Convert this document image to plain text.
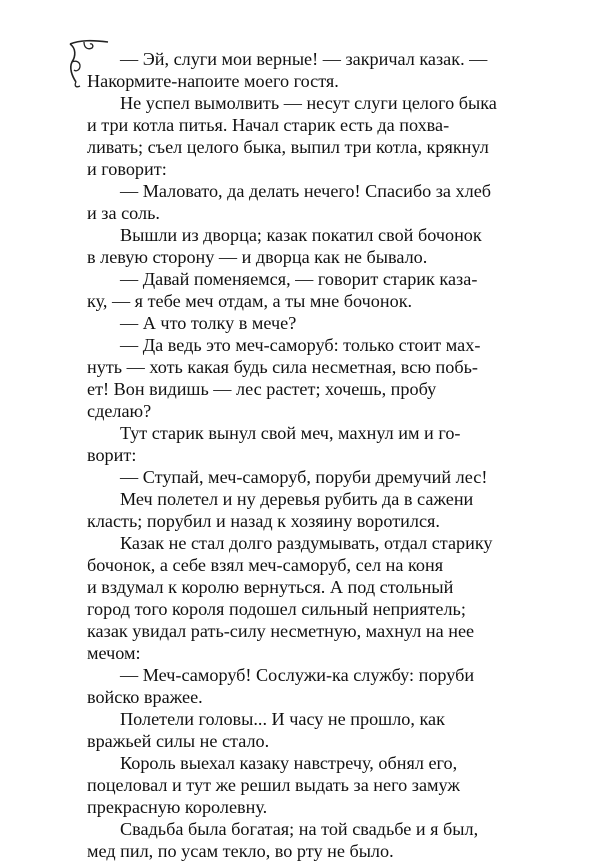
— Эй, слуги мои верные! — закричал казак. —
Накормите-напоите моего гостя.
Не успел вымолвить — несут слуги целого быка
и три котла питья. Начал старик есть да похва-
ливать; съел целого быка, выпил три котла, крякнул
и говорит:
— Маловато, да делать нечего! Спасибо за хлеб
и за соль.
Вышли из дворца; казак покатил свой бочонок
в левую сторону — и дворца как не бывало.
— Давай поменяемся, — говорит старик каза-
ку, — я тебе меч отдам, а ты мне бочонок.
— А что толку в мече?
— Да ведь это меч-саморуб: только стоит мах-
нуть — хоть какая будь сила несметная, всю побь-
ет! Вон видишь — лес растет; хочешь, пробу
сделаю?
Тут старик вынул свой меч, махнул им и го-
ворит:
— Ступай, меч-саморуб, поруби дремучий лес!
Меч полетел и ну деревья рубить да в сажени
класть; порубил и назад к хозяину воротился.
Казак не стал долго раздумывать, отдал старику
бочонок, а себе взял меч-саморуб, сел на коня
и вздумал к королю вернуться. А под стольный
город того короля подошел сильный неприятель;
казак увидал рать-силу несметную, махнул на нее
мечом:
— Меч-саморуб! Сослужи-ка службу: поруби
войско вражее.
Полетели головы... И часу не прошло, как
вражьей силы не стало.
Король выехал казаку навстречу, обнял его,
поцеловал и тут же решил выдать за него замуж
прекрасную королевну.
Свадьба была богатая; на той свадьбе и я был,
мед пил, по усам текло, во рту не было.
